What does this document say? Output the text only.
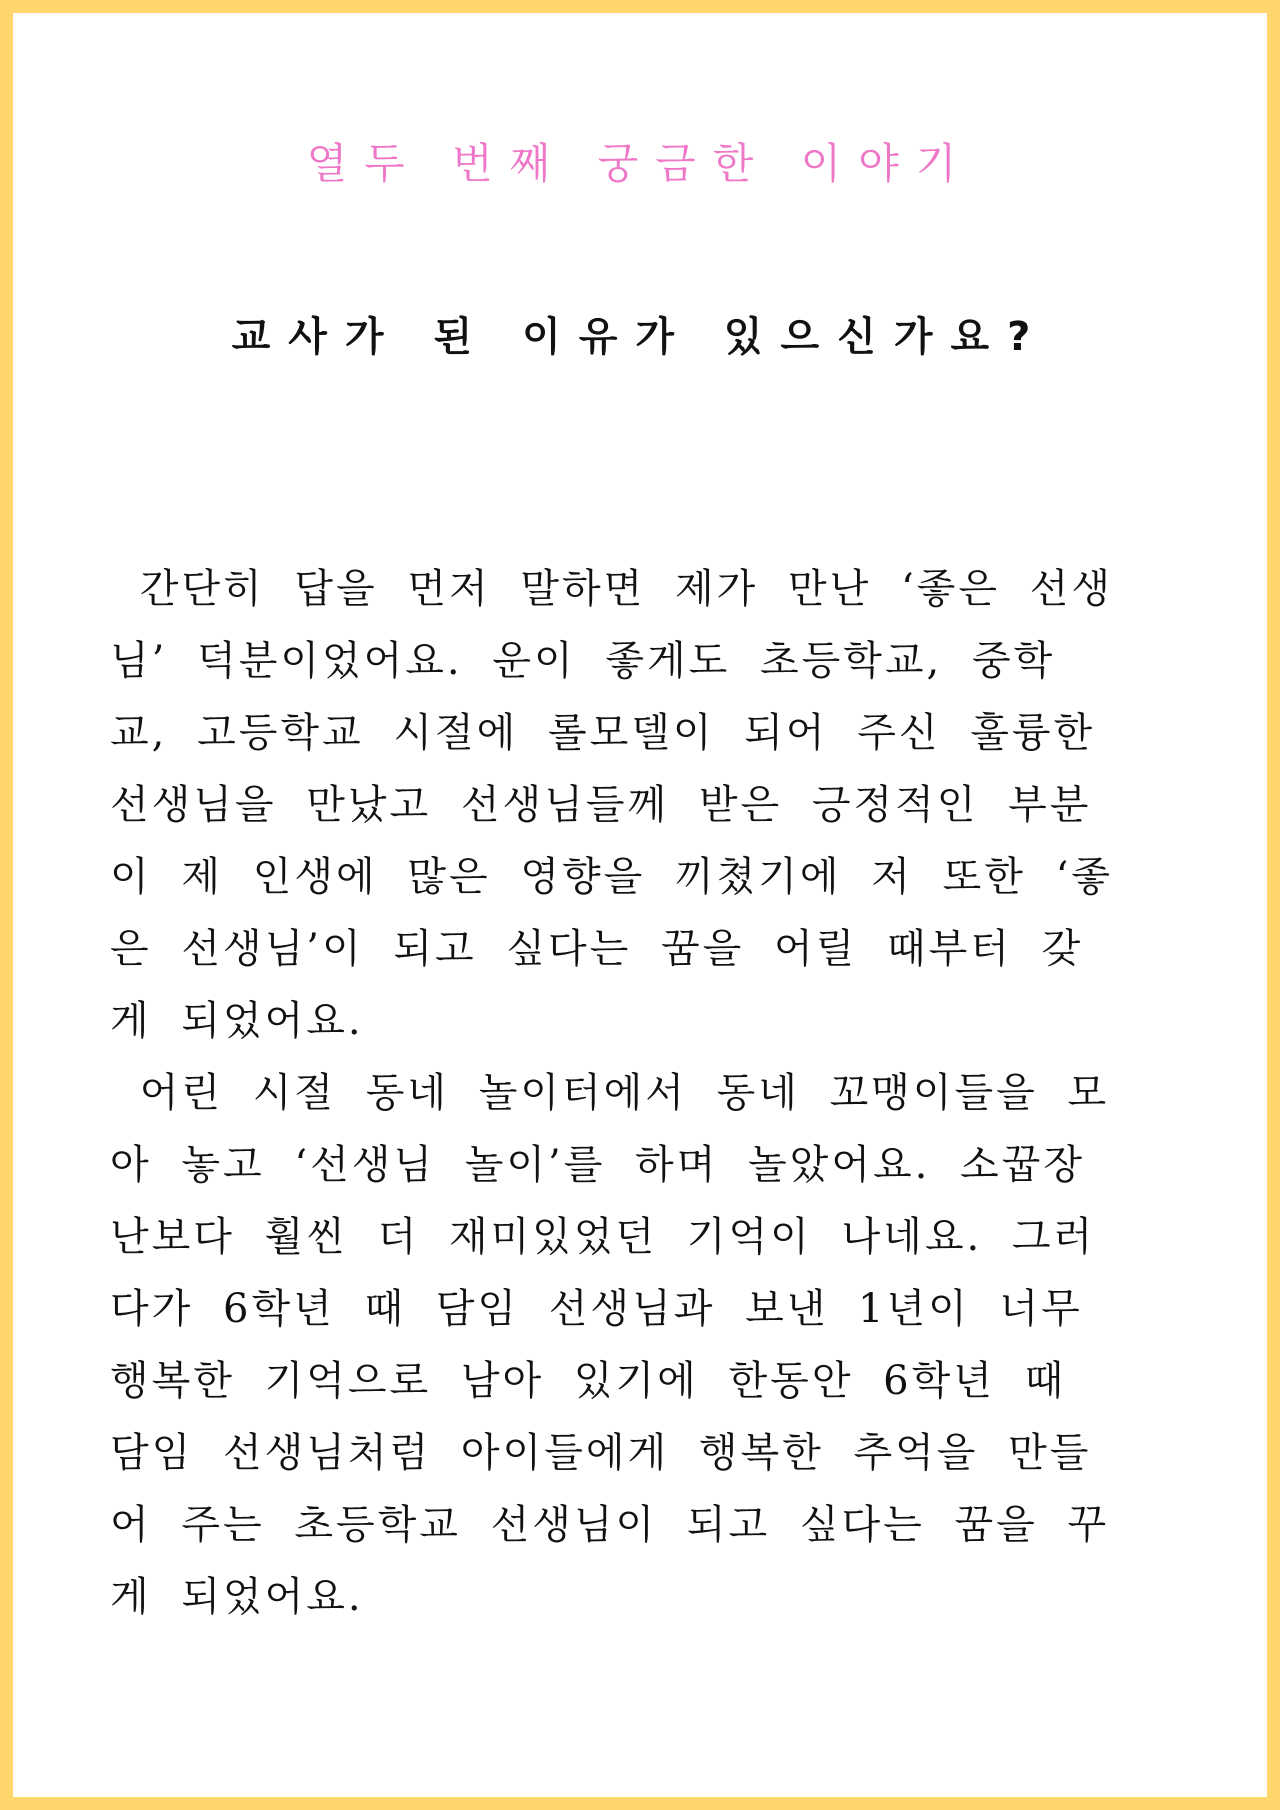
열두 번째 궁금한 이야기
교사가 된 이유가 있으신가요?
간단히 답을 먼저 말하면 제가 만난 ‘좋은 선생
님’ 덕분이었어요. 운이 좋게도 초등학교, 중학
교, 고등학교 시절에 롤모델이 되어 주신 훌륭한
선생님을 만났고 선생님들께 받은 긍정적인 부분
이 제 인생에 많은 영향을 끼쳤기에 저 또한 ‘좋
은 선생님’이 되고 싶다는 꿈을 어릴 때부터 갖
게 되었어요.
어린 시절 동네 놀이터에서 동네 꼬맹이들을 모
아 놓고 ‘선생님 놀이’를 하며 놀았어요. 소꿉장
난보다 훨씬 더 재미있었던 기억이 나네요. 그러
다가 6학년 때 담임 선생님과 보낸 1년이 너무
행복한 기억으로 남아 있기에 한동안 6학년 때
담임 선생님처럼 아이들에게 행복한 추억을 만들
어 주는 초등학교 선생님이 되고 싶다는 꿈을 꾸
게 되었어요.
